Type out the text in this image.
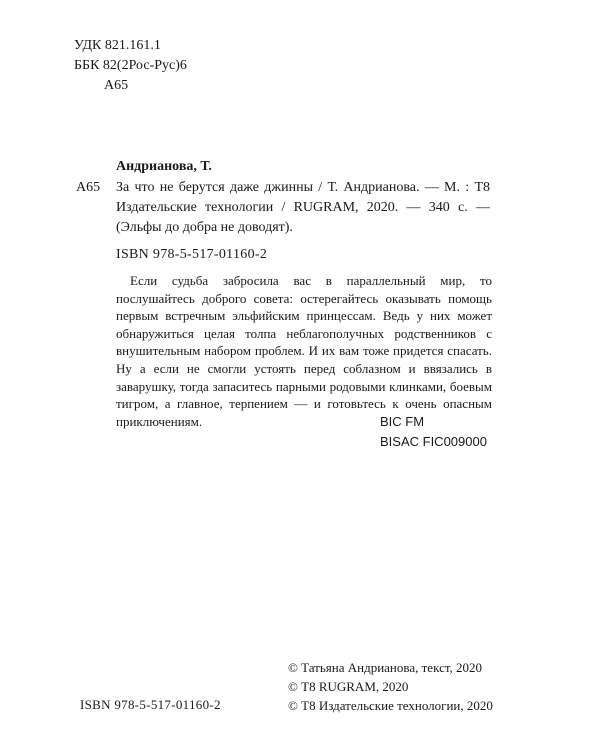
УДК 821.161.1
ББК 82(2Рос-Рус)6
А65
Андрианова, Т.
А65 За что не берутся даже джинны / Т. Андрианова. — М. : Т8 Издательские технологии / RUGRAM, 2020. — 340 с. — (Эльфы до добра не доводят).
ISBN 978-5-517-01160-2

Если судьба забросила вас в параллельный мир, то послушайтесь доброго совета: остерегайтесь оказывать помощь первым встречным эльфийским принцессам. Ведь у них может обнаружиться целая толпа неблагополучных родственников с внушительным набором проблем. И их вам тоже придется спасать. Ну а если не смогли устоять перед соблазном и ввязались в заварушку, тогда запаситесь парными родовыми клинками, боевым тигром, а главное, терпением — и готовьтесь к очень опасным приключениям.	BIC FM
BISAC FIC009000
© Татьяна Андрианова, текст, 2020
© Т8 RUGRAM, 2020
© Т8 Издательские технологии, 2020
ISBN 978-5-517-01160-2
